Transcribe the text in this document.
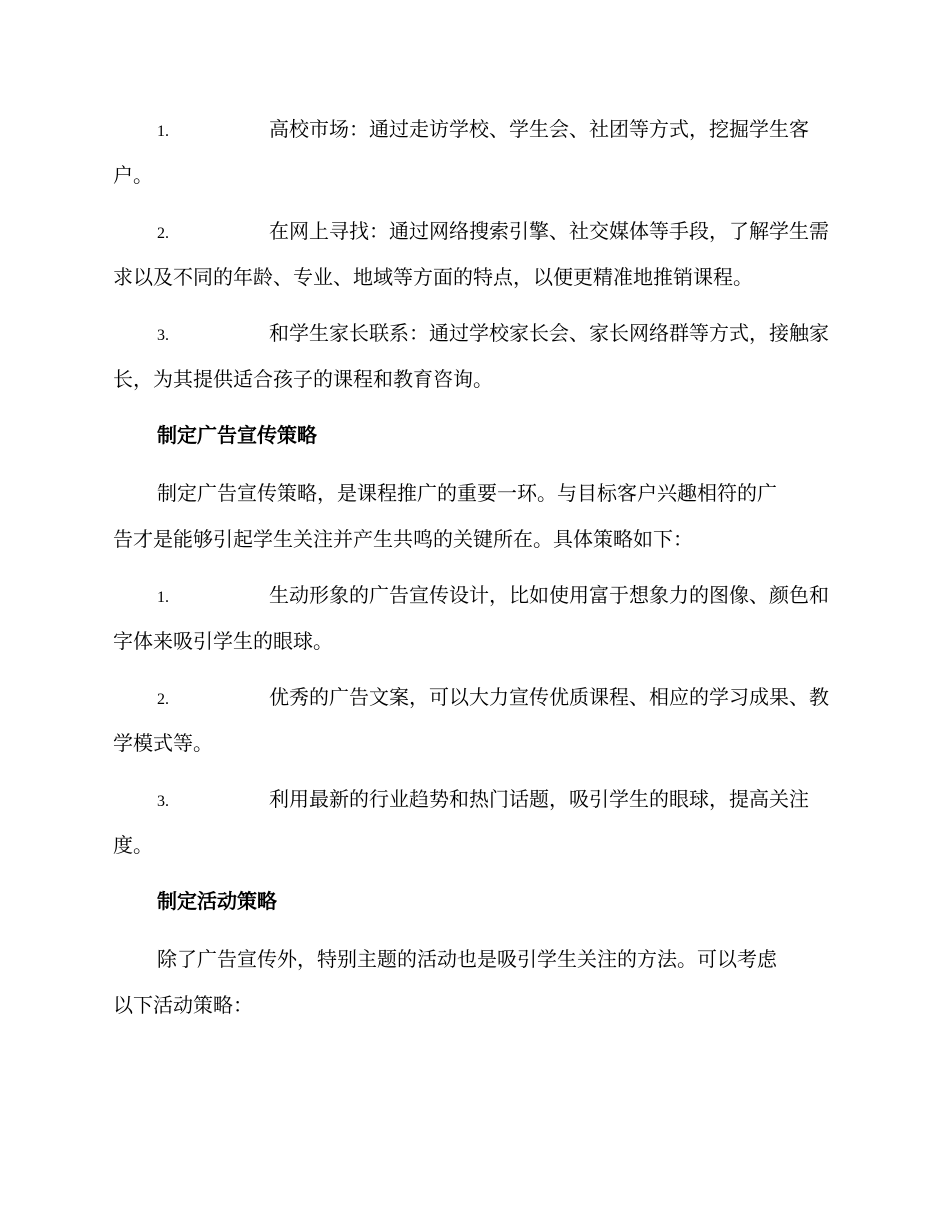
1.	高校市场：通过走访学校、学生会、社团等方式，挖掘学生客
户。
2.	在网上寻找：通过网络搜索引擎、社交媒体等手段，了解学生需
求以及不同的年龄、专业、地域等方面的特点，以便更精准地推销课程。
3.	和学生家长联系：通过学校家长会、家长网络群等方式，接触家
长，为其提供适合孩子的课程和教育咨询。
制定广告宣传策略
制定广告宣传策略，是课程推广的重要一环。与目标客户兴趣相符的广
告才是能够引起学生关注并产生共鸣的关键所在。具体策略如下：
1.	生动形象的广告宣传设计，比如使用富于想象力的图像、颜色和
字体来吸引学生的眼球。
2.	优秀的广告文案，可以大力宣传优质课程、相应的学习成果、教
学模式等。
3.	利用最新的行业趋势和热门话题，吸引学生的眼球，提高关注
度。
制定活动策略
除了广告宣传外，特别主题的活动也是吸引学生关注的方法。可以考虑
以下活动策略：
